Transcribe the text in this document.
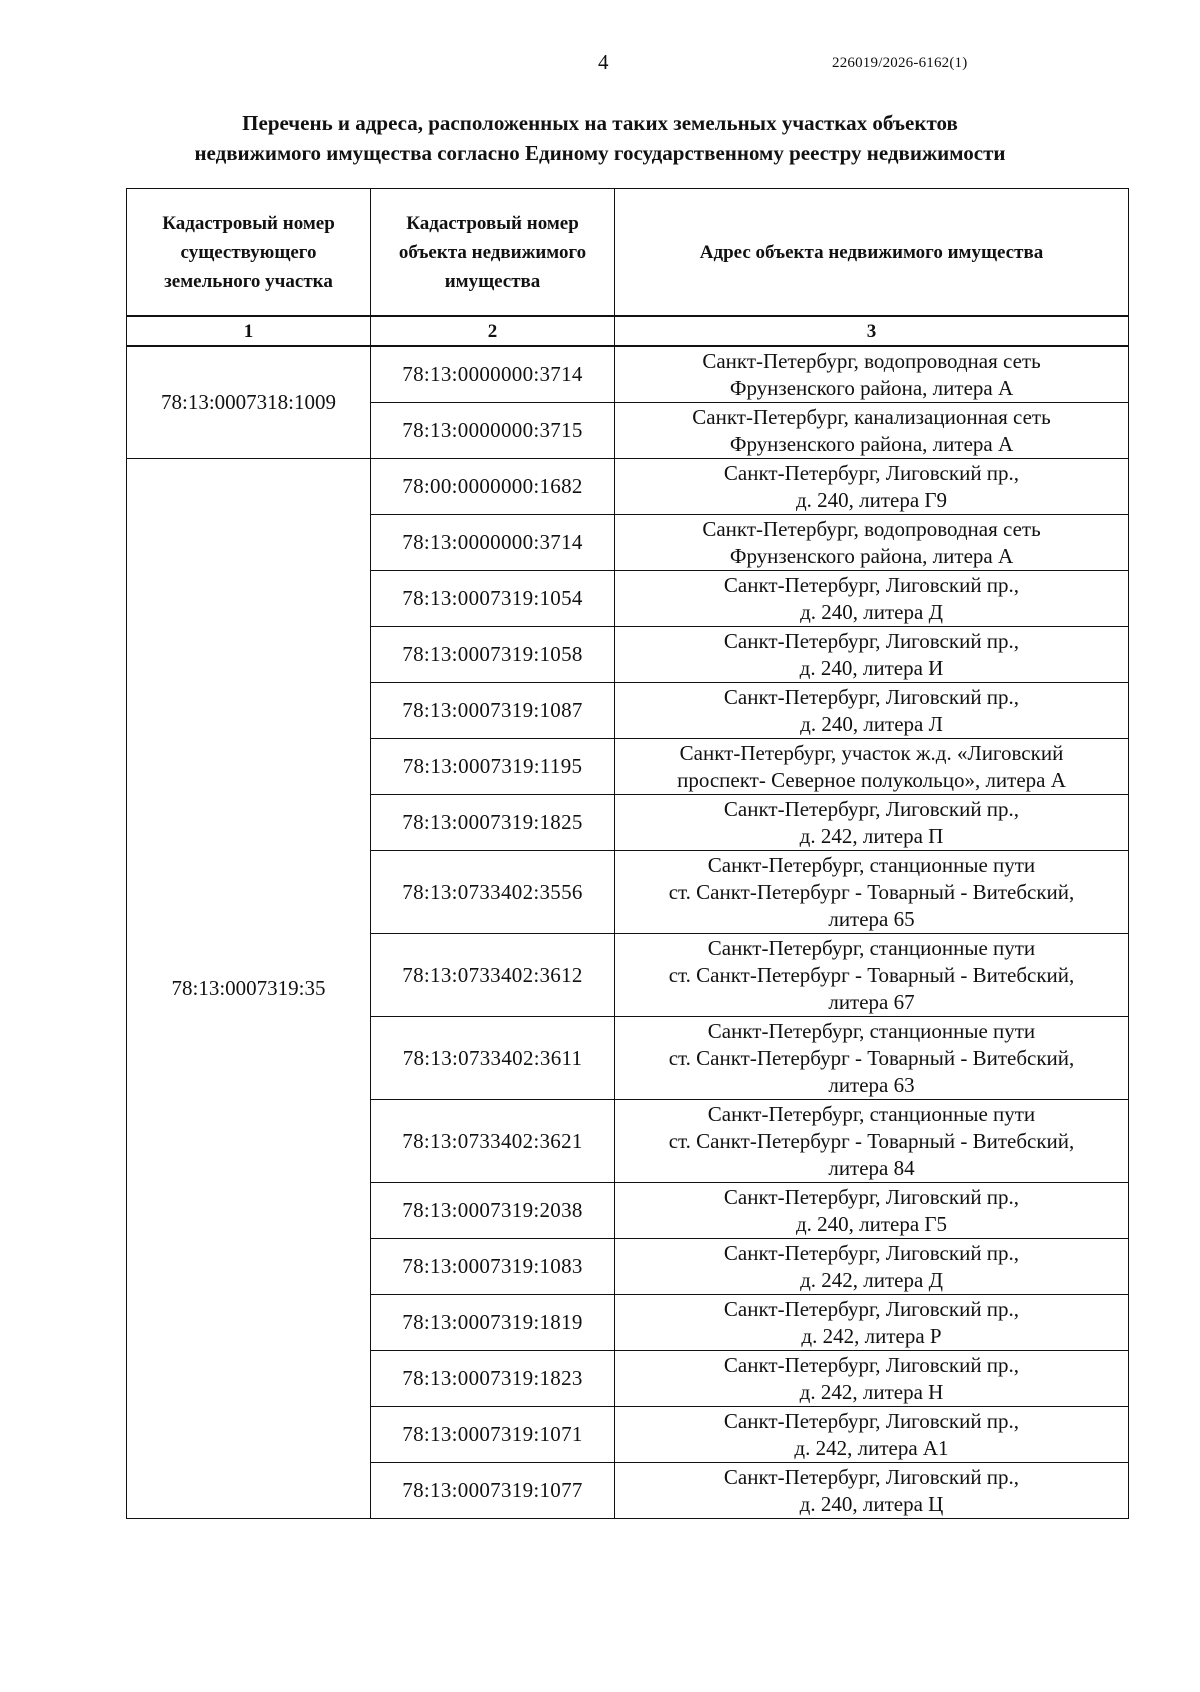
4	226019/2026-6162(1)
Перечень и адреса, расположенных на таких земельных участках объектов
недвижимого имущества согласно Единому государственному реестру недвижимости
Кадастровый номер существующего земельного участка	Кадастровый номер объекта недвижимого имущества	Адрес объекта недвижимого имущества
1	2	3
78:13:0007318:1009	78:13:0000000:3714	Санкт-Петербург, водопроводная сеть
Фрунзенского района, литера А

	78:13:0000000:3715	Санкт-Петербург, канализационная сеть
Фрунзенского района, литера А

78:13:0007319:35	78:00:0000000:1682	Санкт-Петербург, Лиговский пр.,
д. 240, литера Г9

	78:13:0000000:3714	Санкт-Петербург, водопроводная сеть
Фрунзенского района, литера А

	78:13:0007319:1054	Санкт-Петербург, Лиговский пр.,
д. 240, литера Д

	78:13:0007319:1058	Санкт-Петербург, Лиговский пр.,
д. 240, литера И

	78:13:0007319:1087	Санкт-Петербург, Лиговский пр.,
д. 240, литера Л

	78:13:0007319:1195	Санкт-Петербург, участок ж.д. «Лиговский
проспект- Северное полукольцо», литера А

	78:13:0007319:1825	Санкт-Петербург, Лиговский пр.,
д. 242, литера П

	78:13:0733402:3556	Санкт-Петербург, станционные пути
ст. Санкт-Петербург - Товарный - Витебский,
литера 65

	78:13:0733402:3612	Санкт-Петербург, станционные пути
ст. Санкт-Петербург - Товарный - Витебский,
литера 67

	78:13:0733402:3611	Санкт-Петербург, станционные пути
ст. Санкт-Петербург - Товарный - Витебский,
литера 63

	78:13:0733402:3621	Санкт-Петербург, станционные пути
ст. Санкт-Петербург - Товарный - Витебский,
литера 84

	78:13:0007319:2038	Санкт-Петербург, Лиговский пр.,
д. 240, литера Г5

	78:13:0007319:1083	Санкт-Петербург, Лиговский пр.,
д. 242, литера Д

	78:13:0007319:1819	Санкт-Петербург, Лиговский пр.,
д. 242, литера Р

	78:13:0007319:1823	Санкт-Петербург, Лиговский пр.,
д. 242, литера Н

	78:13:0007319:1071	Санкт-Петербург, Лиговский пр.,
д. 242, литера А1

	78:13:0007319:1077	Санкт-Петербург, Лиговский пр.,
д. 240, литера Ц
